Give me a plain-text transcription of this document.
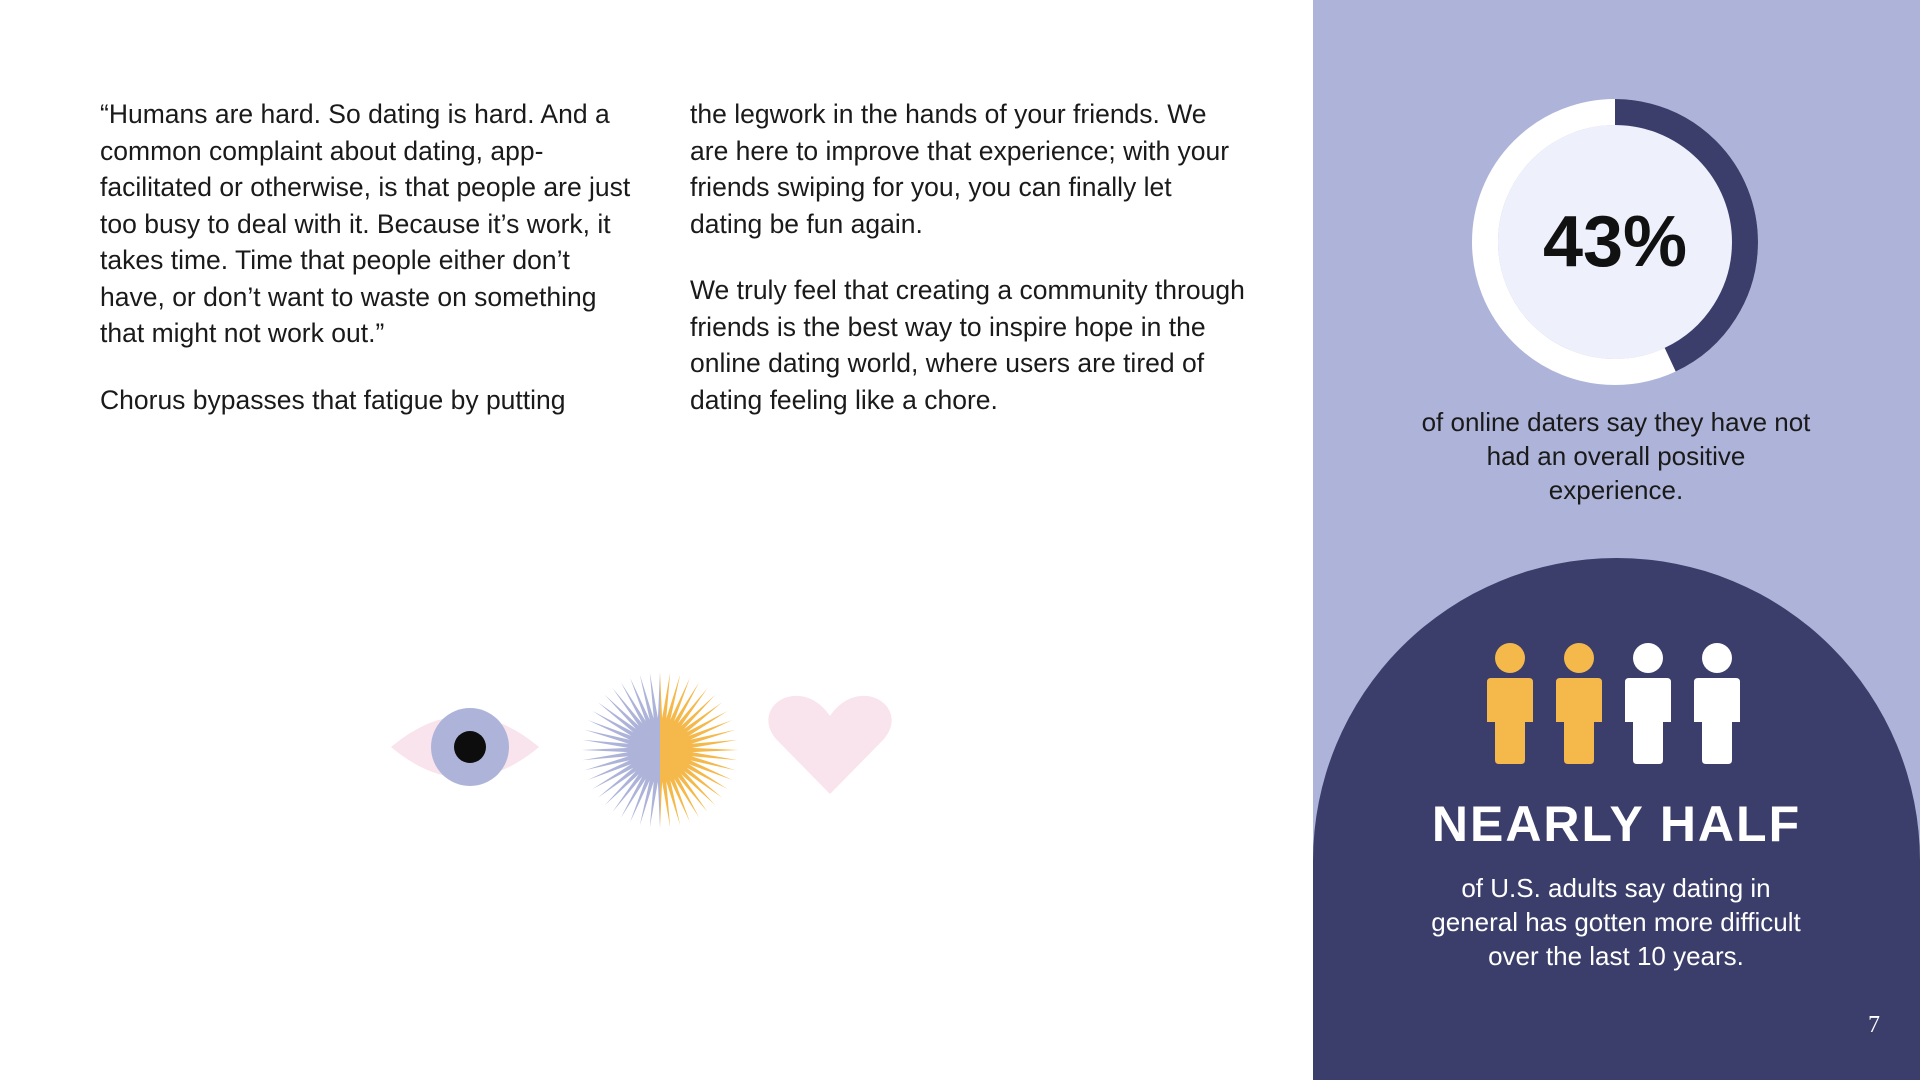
“Humans are hard. So dating is hard. And a common complaint about dating, app-facilitated or otherwise, is that people are just too busy to deal with it. Because it’s work, it takes time. Time that people either don’t have, or don’t want to waste on something that might not work out.”

Chorus bypasses that fatigue by putting

the legwork in the hands of your friends. We are here to improve that experience; with your friends swiping for you, you can finally let dating be fun again.

We truly feel that creating a community through friends is the best way to inspire hope in the online dating world, where users are tired of dating feeling like a chore.

43%
of online daters say they have not had an overall positive experience.
NEARLY HALF
of U.S. adults say dating in general has gotten more difficult over the last 10 years.
7
